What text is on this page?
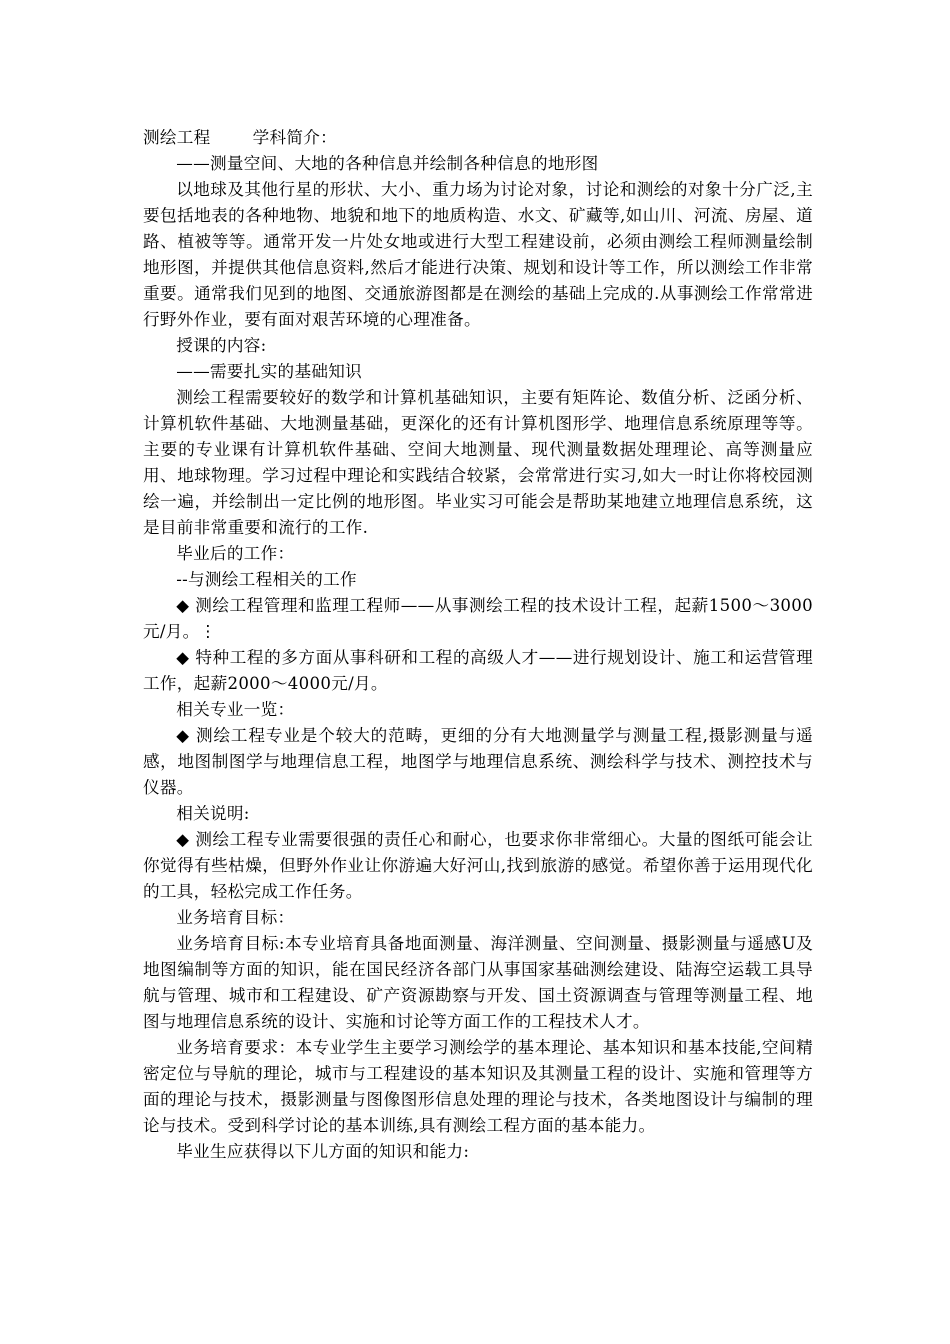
测绘工程	学科简介：

——测量空间、大地的各种信息并绘制各种信息的地形图

以地球及其他行星的形状、大小、重力场为讨论对象，讨论和测绘的对象十分广泛,主要包括地表的各种地物、地貌和地下的地质构造、水文、矿藏等,如山川、河流、房屋、道路、植被等等。通常开发一片处女地或进行大型工程建设前，必须由测绘工程师测量绘制地形图，并提供其他信息资料,然后才能进行决策、规划和设计等工作，所以测绘工作非常重要。通常我们见到的地图、交通旅游图都是在测绘的基础上完成的.从事测绘工作常常进行野外作业，要有面对艰苦环境的心理准备。

授课的内容:

——需要扎实的基础知识

测绘工程需要较好的数学和计算机基础知识，主要有矩阵论、数值分析、泛函分析、计算机软件基础、大地测量基础，更深化的还有计算机图形学、地理信息系统原理等等。主要的专业课有计算机软件基础、空间大地测量、现代测量数据处理理论、高等测量应用、地球物理。学习过程中理论和实践结合较紧，会常常进行实习,如大一时让你将校园测绘一遍，并绘制出一定比例的地形图。毕业实习可能会是帮助某地建立地理信息系统，这是目前非常重要和流行的工作.

毕业后的工作：

--与测绘工程相关的工作

◆ 测绘工程管理和监理工程师——从事测绘工程的技术设计工程，起薪1500～3000元/月。⋮

◆ 特种工程的多方面从事科研和工程的高级人才——进行规划设计、施工和运营管理工作，起薪2000～4000元/月。

相关专业一览：

◆ 测绘工程专业是个较大的范畴，更细的分有大地测量学与测量工程,摄影测量与遥感，地图制图学与地理信息工程，地图学与地理信息系统、测绘科学与技术、测控技术与仪器。

相关说明:

◆ 测绘工程专业需要很强的责任心和耐心，也要求你非常细心。大量的图纸可能会让你觉得有些枯燥，但野外作业让你游遍大好河山,找到旅游的感觉。希望你善于运用现代化的工具，轻松完成工作任务。

业务培育目标：

业务培育目标:本专业培育具备地面测量、海洋测量、空间测量、摄影测量与遥感U及地图编制等方面的知识，能在国民经济各部门从事国家基础测绘建设、陆海空运载工具导航与管理、城市和工程建设、矿产资源勘察与开发、国土资源调查与管理等测量工程、地图与地理信息系统的设计、实施和讨论等方面工作的工程技术人才。

业务培育要求：本专业学生主要学习测绘学的基本理论、基本知识和基本技能,空间精密定位与导航的理论，城市与工程建设的基本知识及其测量工程的设计、实施和管理等方面的理论与技术，摄影测量与图像图形信息处理的理论与技术，各类地图设计与编制的理论与技术。受到科学讨论的基本训练,具有测绘工程方面的基本能力。

毕业生应获得以下儿方面的知识和能力:
